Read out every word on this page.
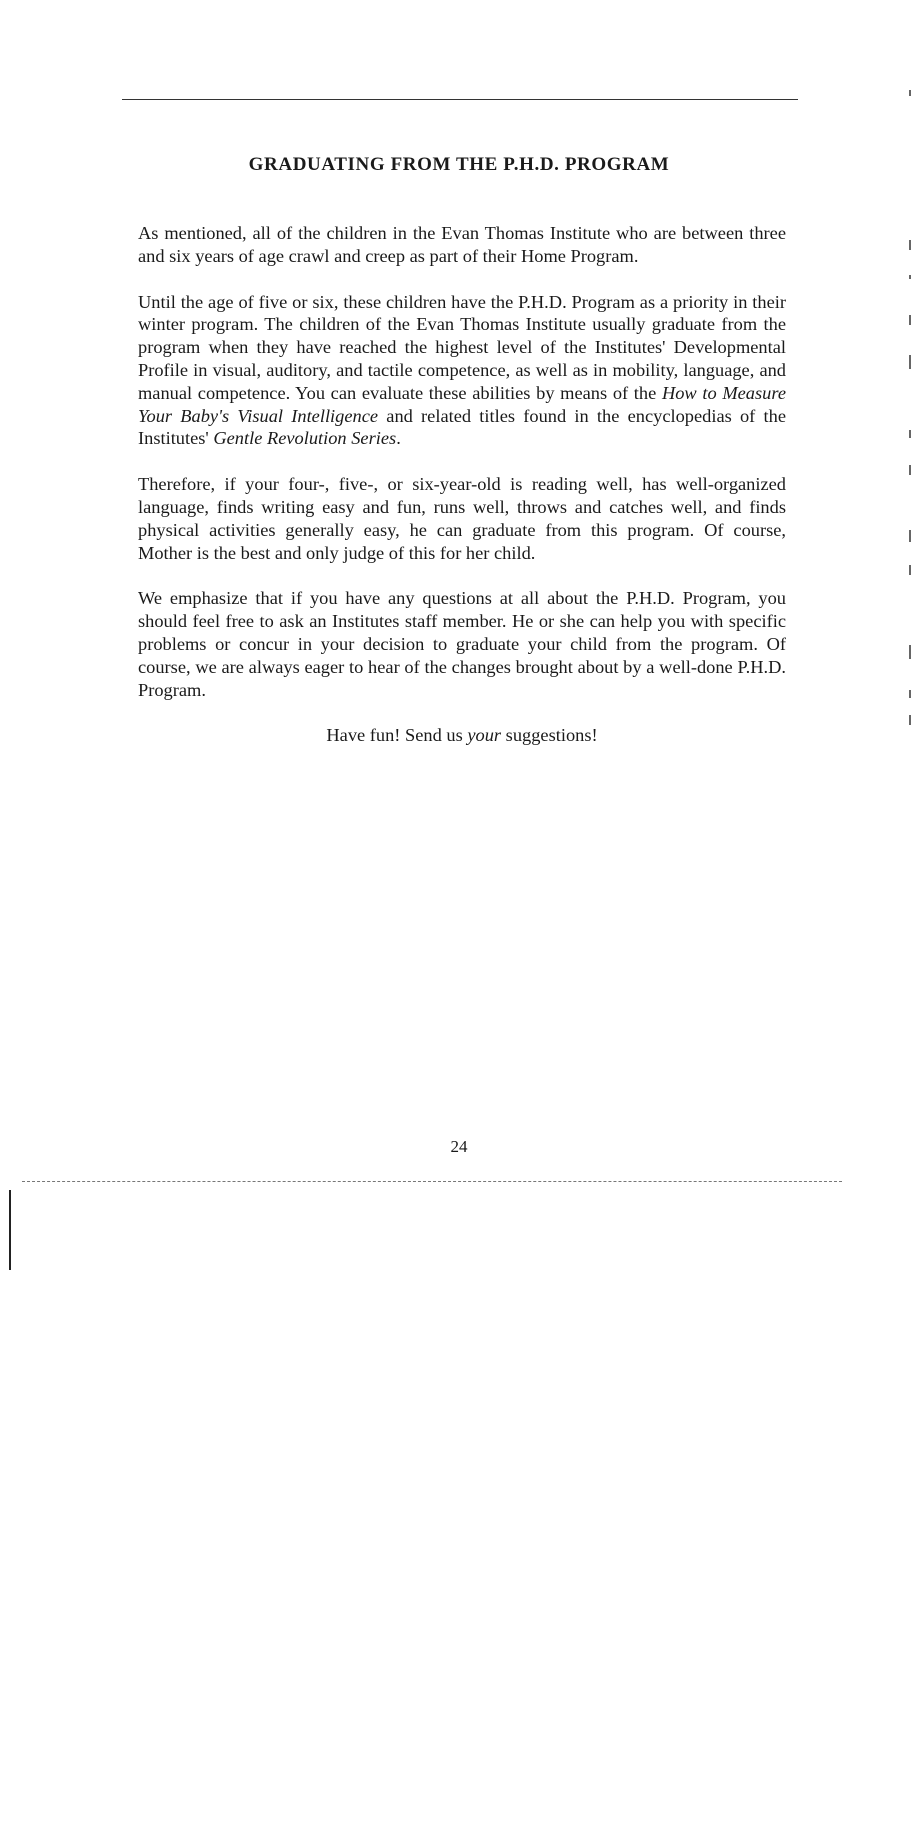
GRADUATING FROM THE P.H.D. PROGRAM

As mentioned, all of the children in the Evan Thomas Institute who are between three and six years of age crawl and creep as part of their Home Program.

Until the age of five or six, these children have the P.H.D. Program as a priority in their winter program. The children of the Evan Thomas Institute usually graduate from the program when they have reached the highest level of the Institutes' Developmental Profile in visual, auditory, and tactile competence, as well as in mobility, language, and manual competence. You can evaluate these abilities by means of the How to Measure Your Baby's Visual Intelligence and related titles found in the encyclopedias of the Institutes' Gentle Revolution Series.

Therefore, if your four-, five-, or six-year-old is reading well, has well-organized language, finds writing easy and fun, runs well, throws and catches well, and finds physical activities generally easy, he can graduate from this program. Of course, Mother is the best and only judge of this for her child.

We emphasize that if you have any questions at all about the P.H.D. Program, you should feel free to ask an Institutes staff member. He or she can help you with specific problems or concur in your decision to graduate your child from the program. Of course, we are always eager to hear of the changes brought about by a well-done P.H.D. Program.

Have fun! Send us your suggestions!

24
